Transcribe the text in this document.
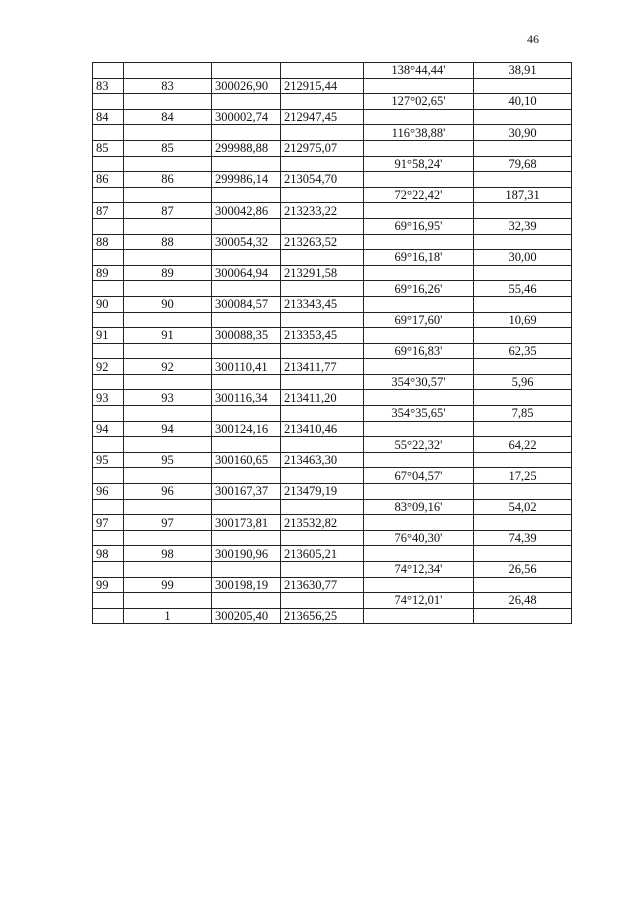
46
				138°44,44'	38,91
83	83	300026,90	212915,44		
				127°02,65'	40,10
84	84	300002,74	212947,45		
				116°38,88'	30,90
85	85	299988,88	212975,07		
				91°58,24'	79,68
86	86	299986,14	213054,70		
				72°22,42'	187,31
87	87	300042,86	213233,22		
				69°16,95'	32,39
88	88	300054,32	213263,52		
				69°16,18'	30,00
89	89	300064,94	213291,58		
				69°16,26'	55,46
90	90	300084,57	213343,45		
				69°17,60'	10,69
91	91	300088,35	213353,45		
				69°16,83'	62,35
92	92	300110,41	213411,77		
				354°30,57'	5,96
93	93	300116,34	213411,20		
				354°35,65'	7,85
94	94	300124,16	213410,46		
				55°22,32'	64,22
95	95	300160,65	213463,30		
				67°04,57'	17,25
96	96	300167,37	213479,19		
				83°09,16'	54,02
97	97	300173,81	213532,82		
				76°40,30'	74,39
98	98	300190,96	213605,21		
				74°12,34'	26,56
99	99	300198,19	213630,77		
				74°12,01'	26,48
	1	300205,40	213656,25		
